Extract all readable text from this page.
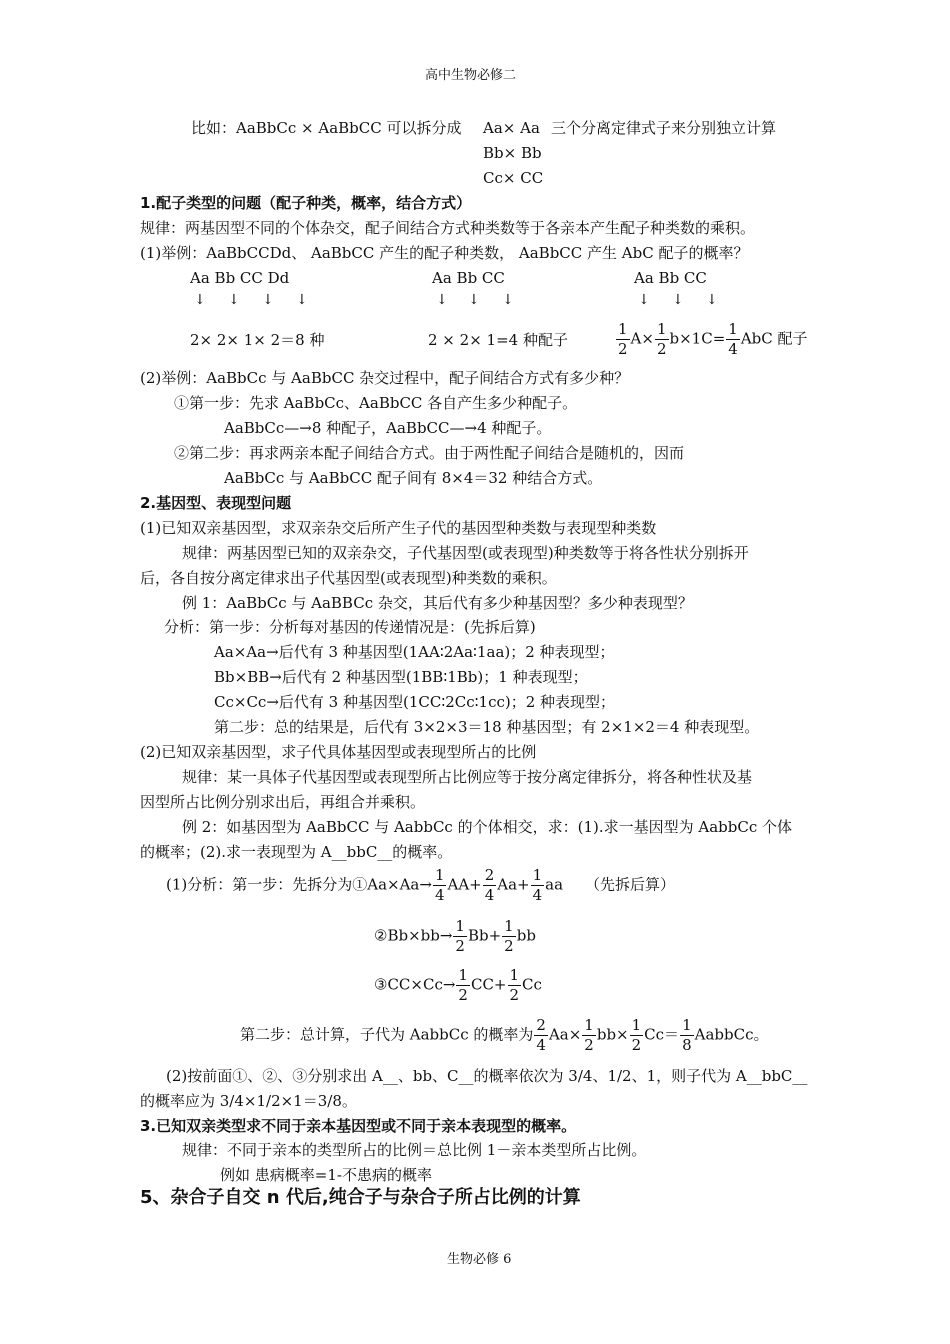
高中生物必修二
比如：AaBbCc × AaBbCC 可以拆分成 Aa× Aa 三个分离定律式子来分别独立计算
Bb× Bb
Cc× CC
1.配子类型的问题（配子种类，概率，结合方式）
规律：两基因型不同的个体杂交，配子间结合方式种类数等于各亲本产生配子种类数的乘积。
(1)举例：AaBbCCDd、 AaBbCC 产生的配子种类数， AaBbCC 产生 AbC 配子的概率？
Aa Bb CC Dd	Aa Bb CC	Aa Bb CC
↓ ↓ ↓ ↓	↓ ↓ ↓	↓ ↓ ↓
2× 2× 1× 2＝8 种	2 × 2× 1=4 种配子	$\frac{1}{2} A\times \frac{1}{2} b\times 1C= \frac{1}{4}$ AbC 配子
(2)举例：AaBbCc 与 AaBbCC 杂交过程中，配子间结合方式有多少种？
①第一步：先求 AaBbCc、AaBbCC 各自产生多少种配子。
AaBbCc—→8 种配子，AaBbCC—→4 种配子。
②第二步：再求两亲本配子间结合方式。由于两性配子间结合是随机的，因而
AaBbCc 与 AaBbCC 配子间有 8×4＝32 种结合方式。
2.基因型、表现型问题
(1)已知双亲基因型，求双亲杂交后所产生子代的基因型种类数与表现型种类数
规律：两基因型已知的双亲杂交，子代基因型(或表现型)种类数等于将各性状分别拆开
后，各自按分离定律求出子代基因型(或表现型)种类数的乘积。
例 1：AaBbCc 与 AaBBCc 杂交，其后代有多少种基因型？多少种表现型？
分析：第一步：分析每对基因的传递情况是：(先拆后算)
Aa×Aa→后代有 3 种基因型(1AA∶2Aa∶1aa)；2 种表现型；
Bb×BB→后代有 2 种基因型(1BB∶1Bb)；1 种表现型；
Cc×Cc→后代有 3 种基因型(1CC∶2Cc∶1cc)；2 种表现型；
第二步：总的结果是，后代有 3×2×3＝18 种基因型；有 2×1×2＝4 种表现型。
(2)已知双亲基因型，求子代具体基因型或表现型所占的比例
规律：某一具体子代基因型或表现型所占比例应等于按分离定律拆分，将各种性状及基
因型所占比例分别求出后，再组合并乘积。
例 2：如基因型为 AaBbCC 与 AabbCc 的个体相交，求：(1).求一基因型为 AabbCc 个体
的概率；(2).求一表现型为 A__bbC__的概率。
(1)分析：第一步：先拆分为①Aa×Aa→ $\frac{1}{4} AA+ \frac{2}{4} Aa+ \frac{1}{4}$ aa （先拆后算）
②Bb×bb→ $\frac{1}{2} Bb+ \frac{1}{2}$ bb
③CC×Cc→ $\frac{1}{2} CC+ \frac{1}{2}$ Cc
第二步：总计算，子代为 AabbCc 的概率为 $\frac{2}{4} Aa\times \frac{1}{2} bb\times \frac{1}{2} Cc= \frac{1}{8}$ AabbCc。
(2)按前面①、②、③分别求出 A__、bb、C__的概率依次为 3/4、1/2、1，则子代为 A__bbC__
的概率应为 3/4×1/2×1＝3/8。
3.已知双亲类型求不同于亲本基因型或不同于亲本表现型的概率。
规律：不同于亲本的类型所占的比例＝总比例 1－亲本类型所占比例。
例如 患病概率=1-不患病的概率
5、杂合子自交 n 代后,纯合子与杂合子所占比例的计算
生物必修 6
